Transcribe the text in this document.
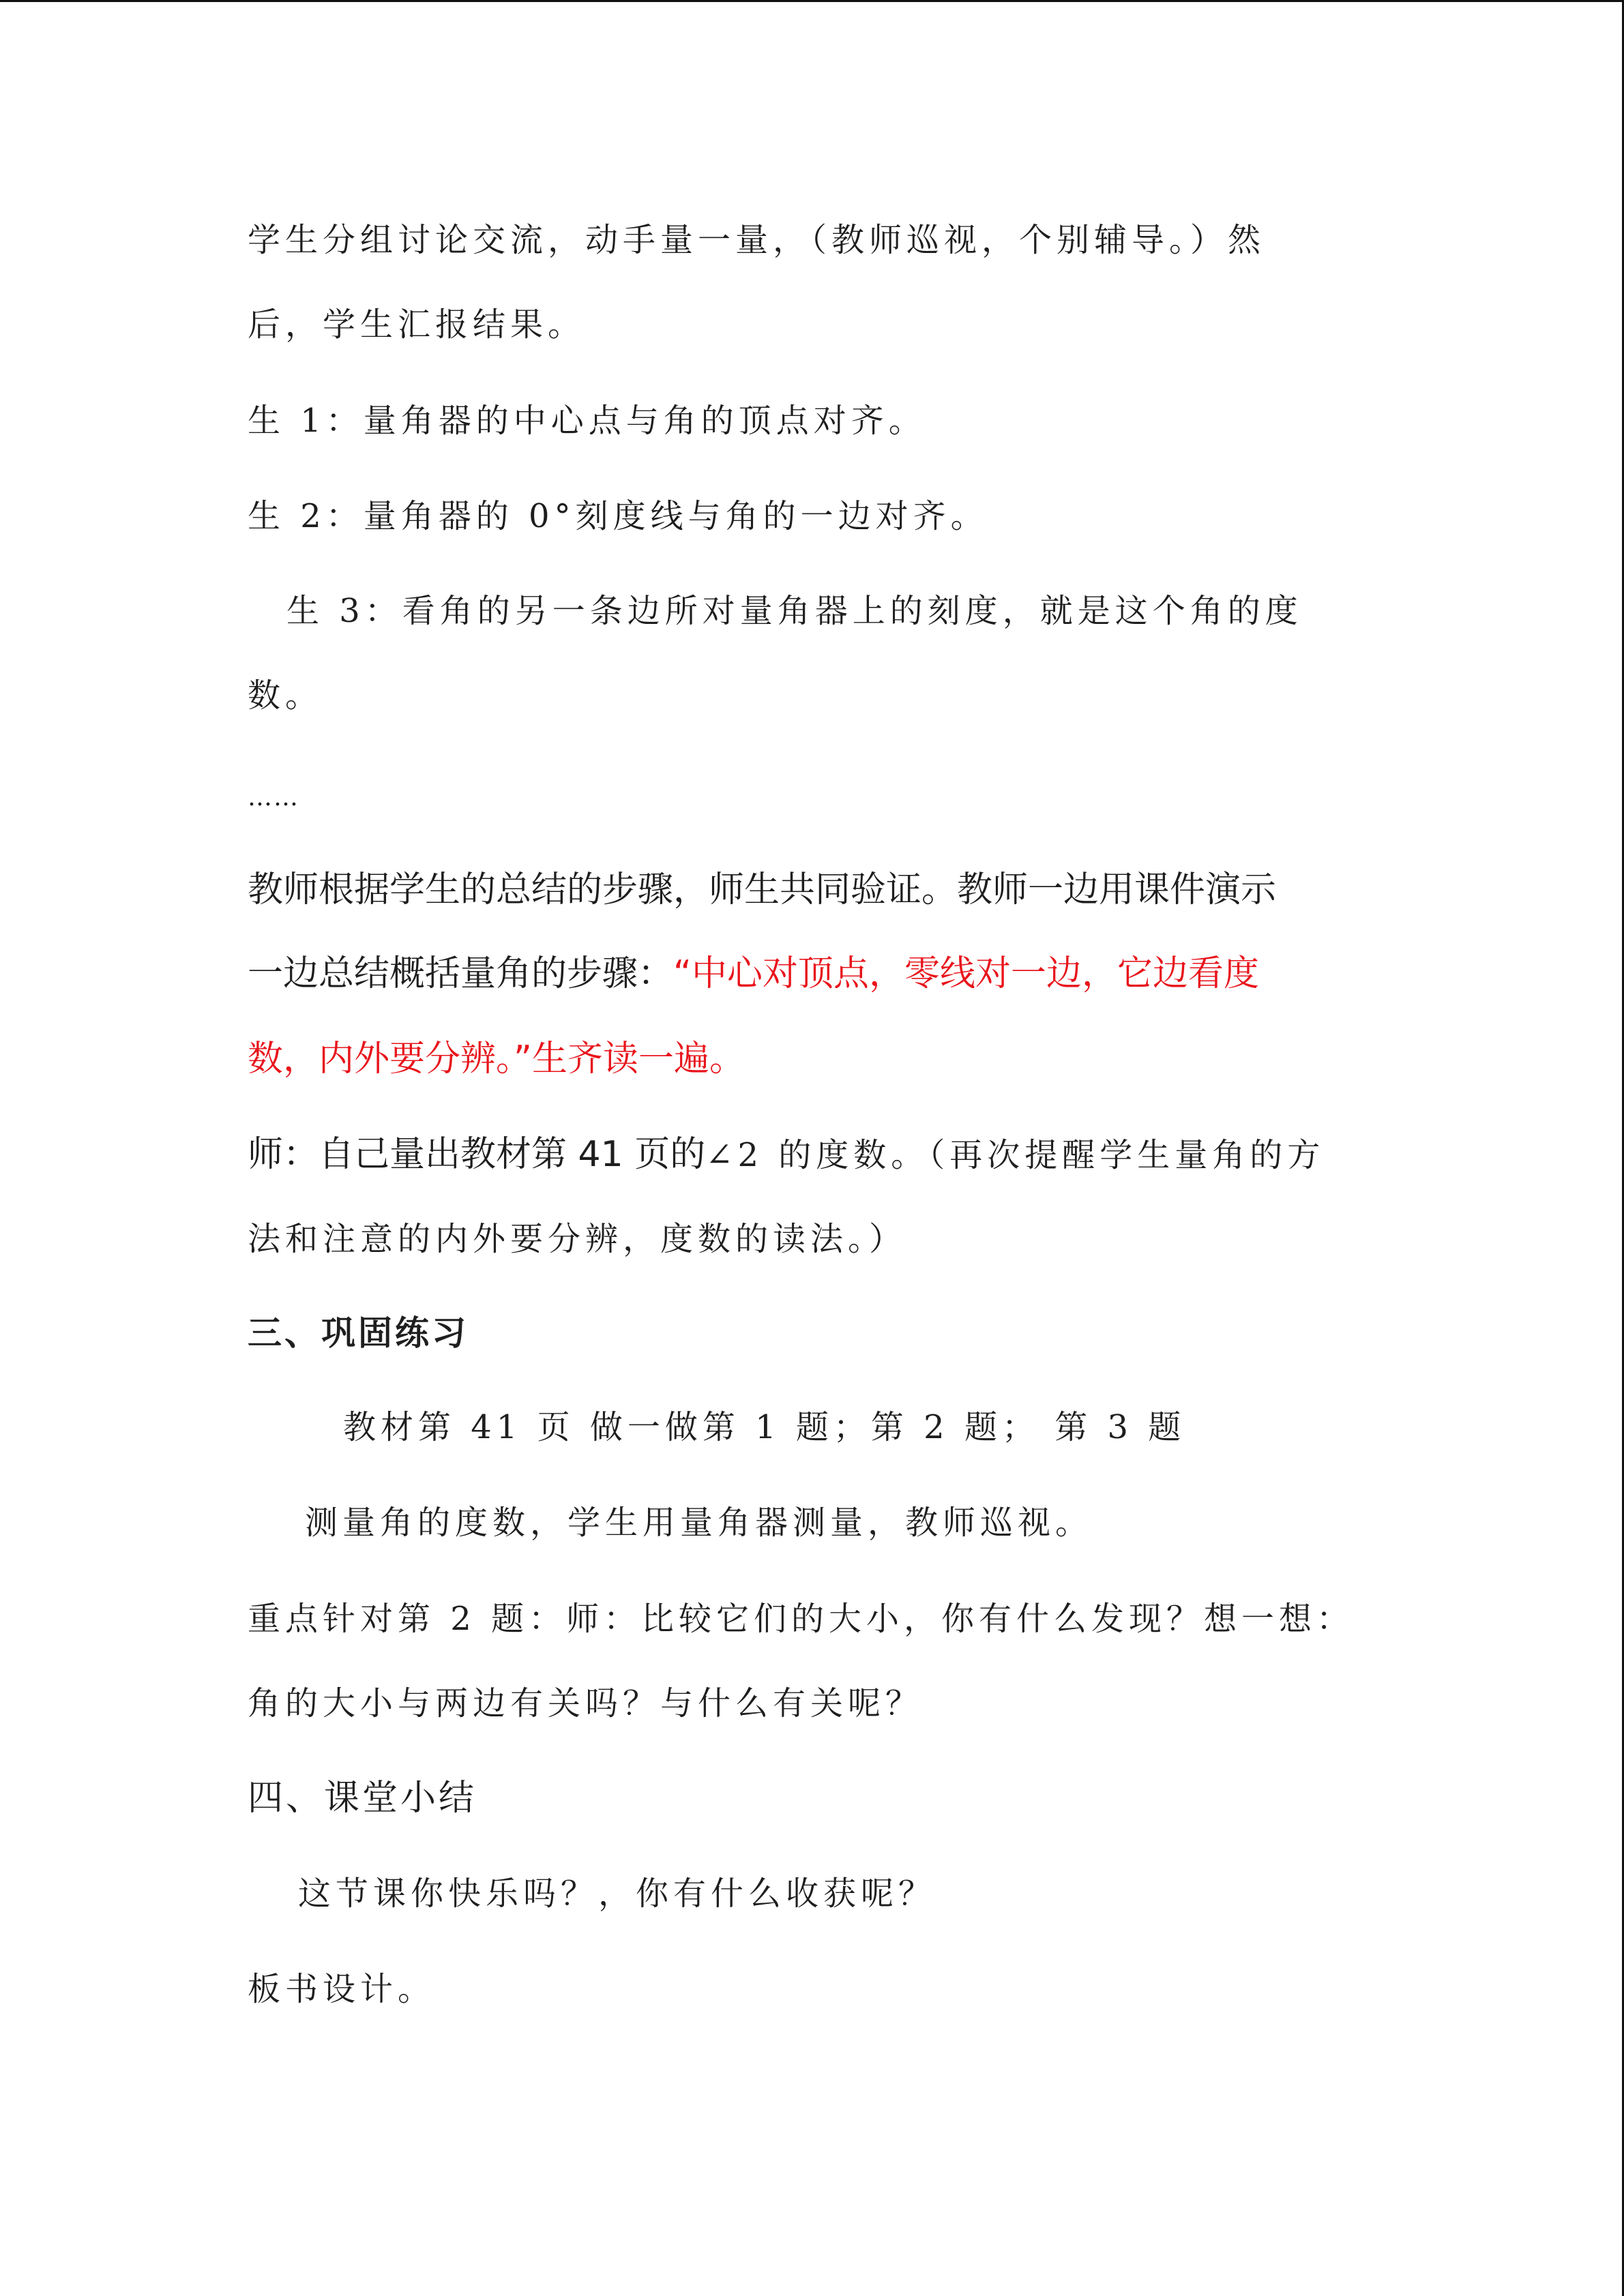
学生分组讨论交流，动手量一量，（教师巡视，个别辅导。）然
后，学生汇报结果。
生 1：量角器的中心点与角的顶点对齐。
生 2：量角器的 0°刻度线与角的一边对齐。
生 3：看角的另一条边所对量角器上的刻度，就是这个角的度
数。
……
教师根据学生的总结的步骤，师生共同验证。教师一边用课件演示
一边总结概括量角的步骤：“中心对顶点，零线对一边，它边看度
数，内外要分辨。”生齐读一遍。
师：自己量出教材第 41 页的∠2 的度数。（再次提醒学生量角的方
法和注意的内外要分辨，度数的读法。）
三、巩固练习
教材第 41 页 做一做第 1 题；第 2 题； 第 3 题
测量角的度数，学生用量角器测量，教师巡视。
重点针对第 2 题：师：比较它们的大小，你有什么发现？想一想：
角的大小与两边有关吗？与什么有关呢？
四、课堂小结
这节课你快乐吗？，你有什么收获呢？
板书设计。
